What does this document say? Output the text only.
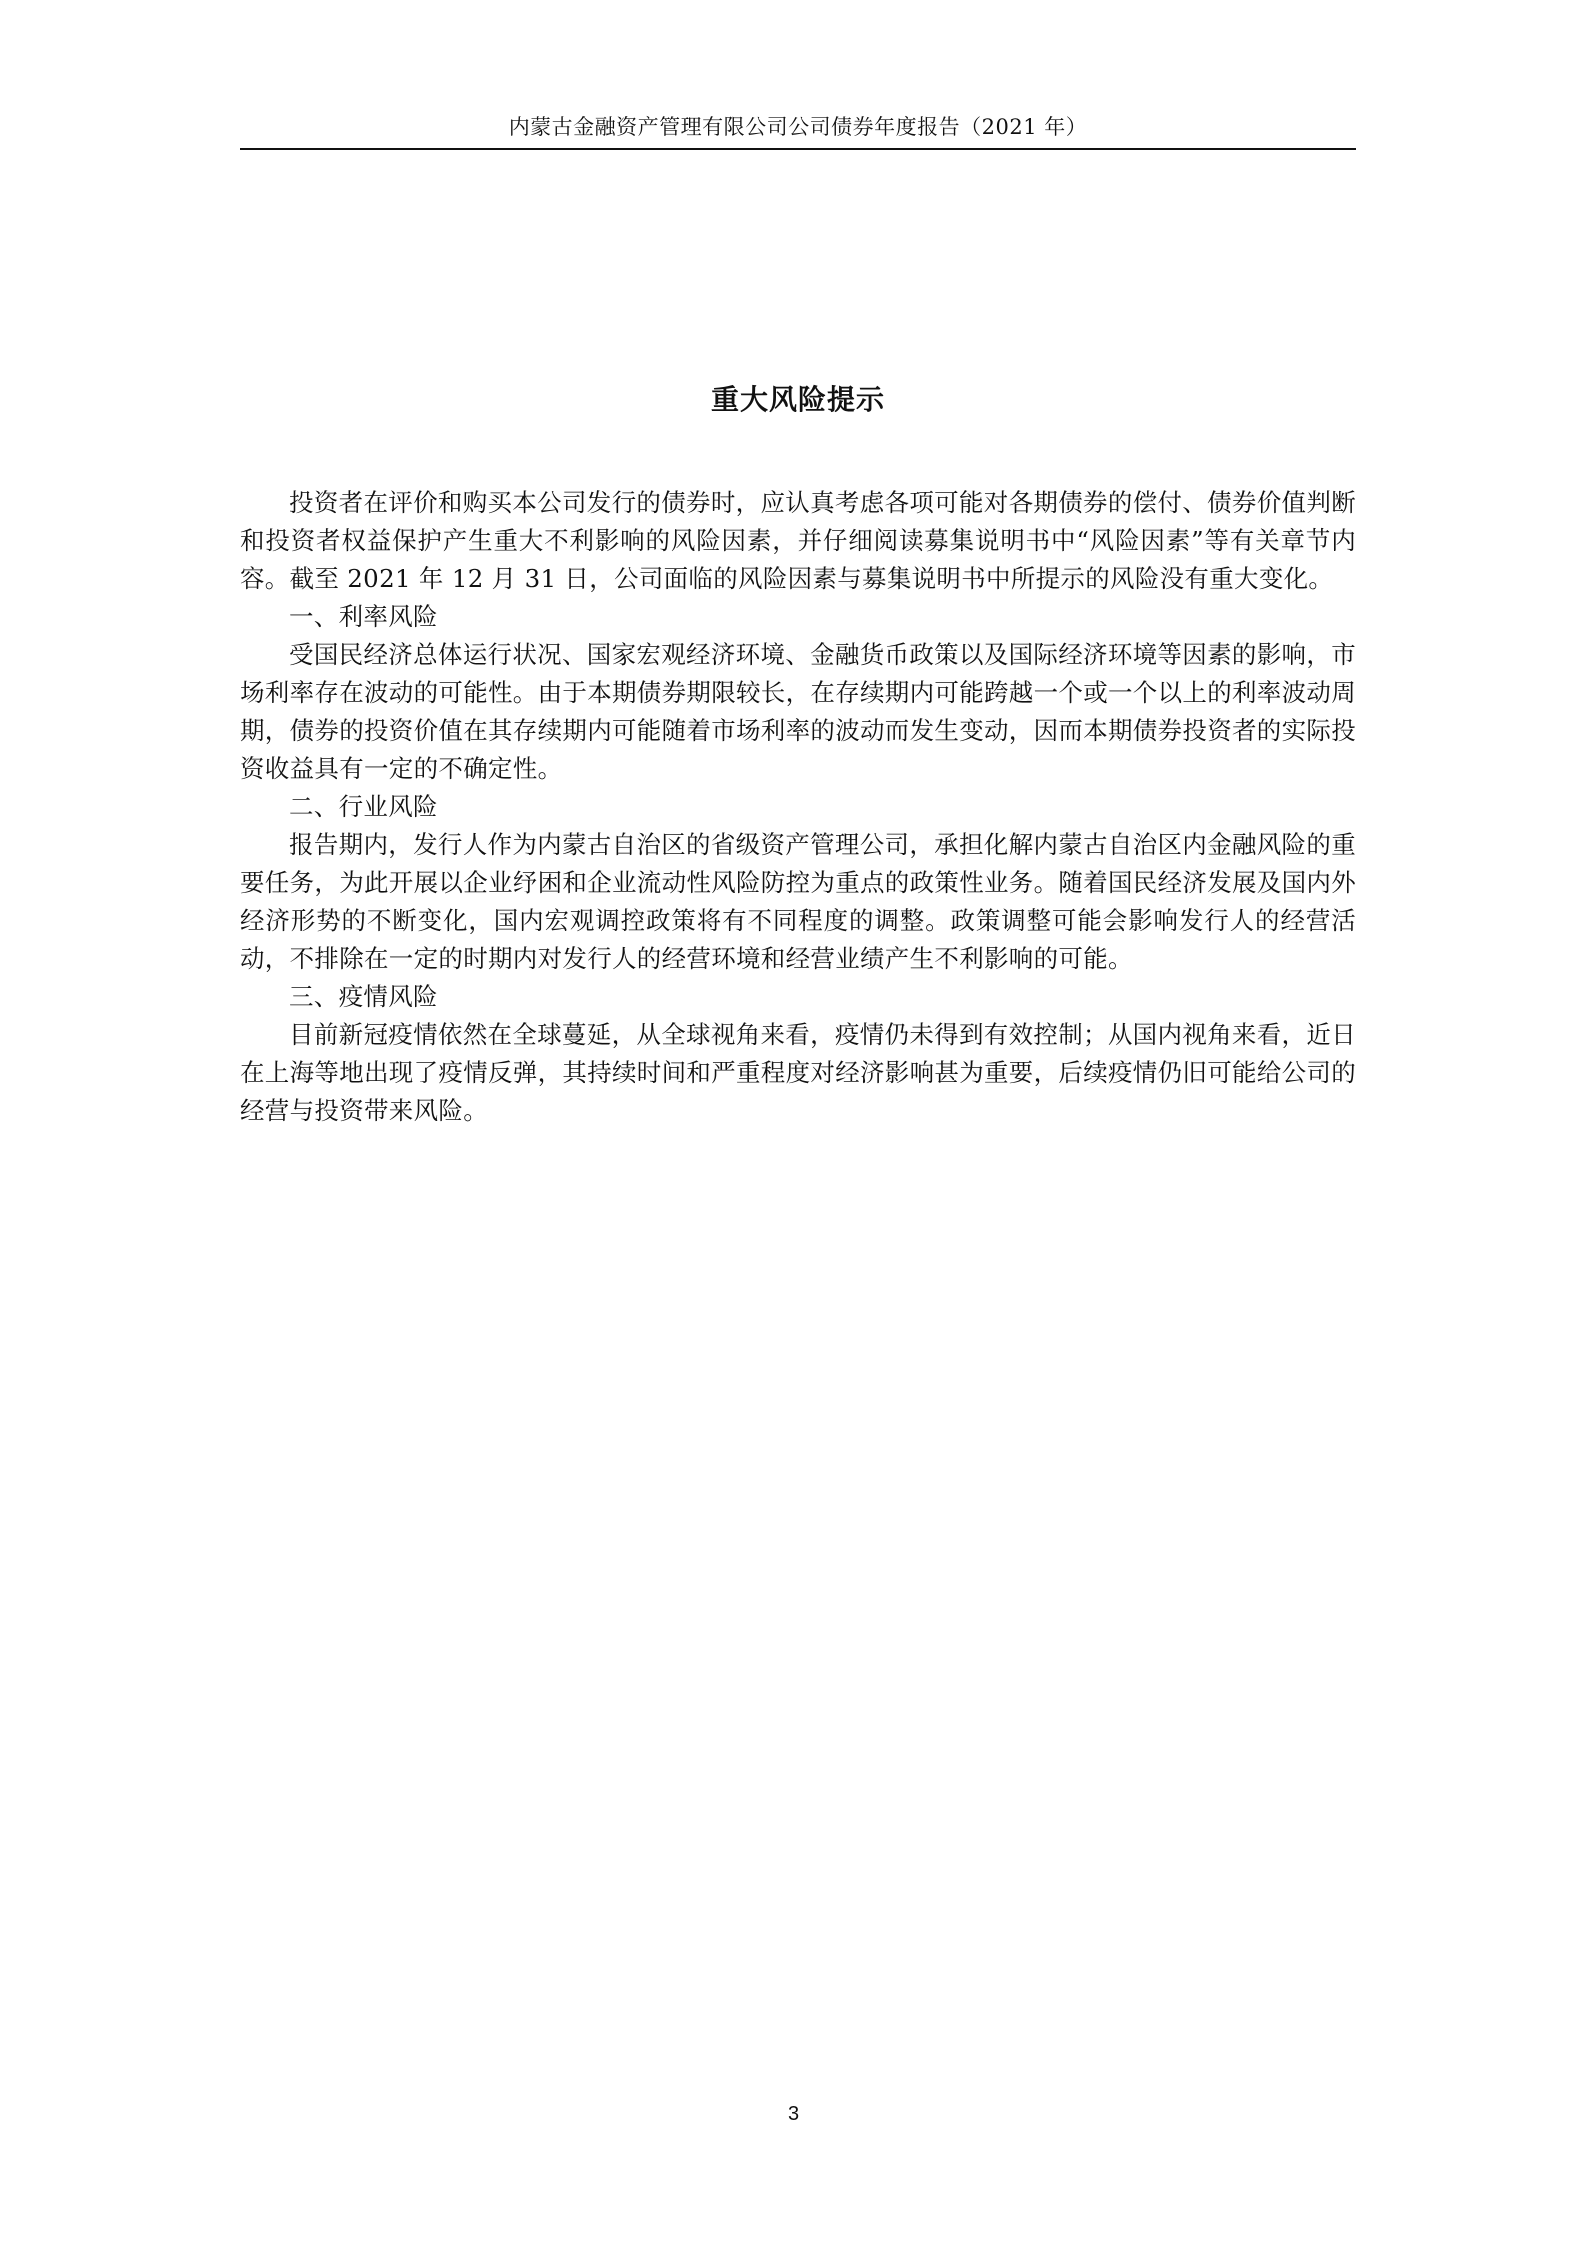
内蒙古金融资产管理有限公司公司债券年度报告（2021 年）
重大风险提示

投资者在评价和购买本公司发行的债券时，应认真考虑各项可能对各期债券的偿付、债券价值判断和投资者权益保护产生重大不利影响的风险因素，并仔细阅读募集说明书中“风险因素”等有关章节内容。截至 2021 年 12 月 31 日，公司面临的风险因素与募集说明书中所提示的风险没有重大变化。

一、利率风险

受国民经济总体运行状况、国家宏观经济环境、金融货币政策以及国际经济环境等因素的影响，市场利率存在波动的可能性。由于本期债券期限较长，在存续期内可能跨越一个或一个以上的利率波动周期，债券的投资价值在其存续期内可能随着市场利率的波动而发生变动，因而本期债券投资者的实际投资收益具有一定的不确定性。

二、行业风险

报告期内，发行人作为内蒙古自治区的省级资产管理公司，承担化解内蒙古自治区内金融风险的重要任务，为此开展以企业纾困和企业流动性风险防控为重点的政策性业务。随着国民经济发展及国内外经济形势的不断变化，国内宏观调控政策将有不同程度的调整。政策调整可能会影响发行人的经营活动，不排除在一定的时期内对发行人的经营环境和经营业绩产生不利影响的可能。

三、疫情风险

目前新冠疫情依然在全球蔓延，从全球视角来看，疫情仍未得到有效控制；从国内视角来看，近日在上海等地出现了疫情反弹，其持续时间和严重程度对经济影响甚为重要，后续疫情仍旧可能给公司的经营与投资带来风险。

3
